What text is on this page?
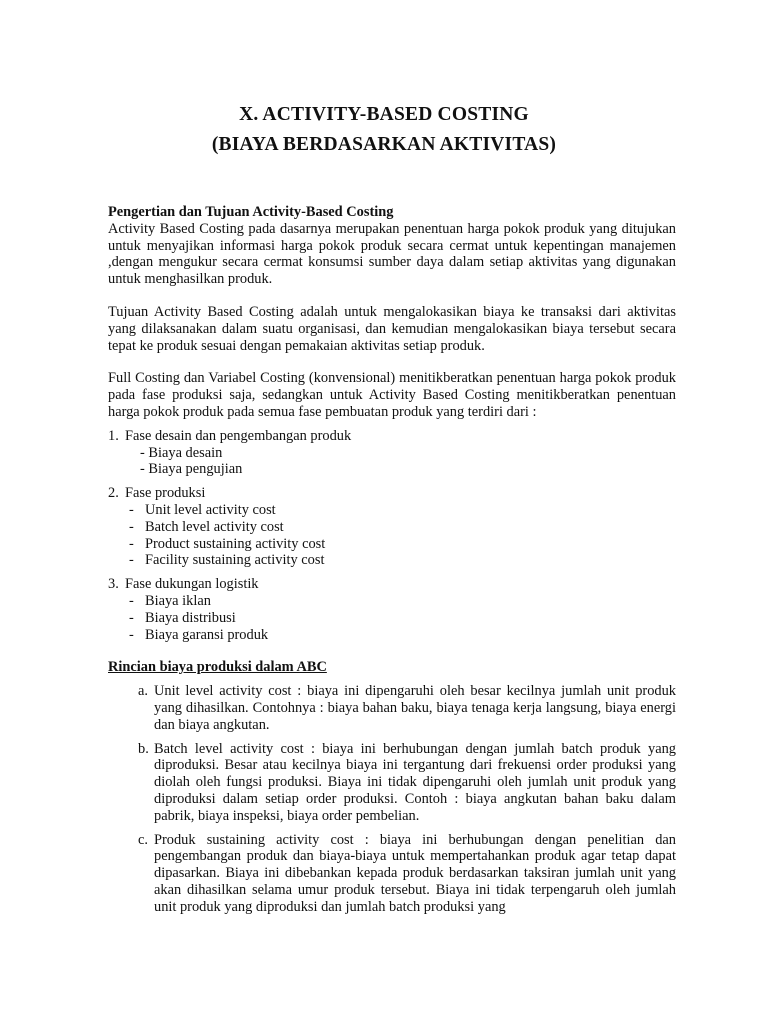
X. ACTIVITY-BASED COSTING
(BIAYA BERDASARKAN AKTIVITAS)

Pengertian dan Tujuan Activity-Based Costing

Activity Based Costing pada dasarnya merupakan penentuan harga pokok produk yang ditujukan untuk menyajikan informasi harga pokok produk secara cermat untuk kepentingan manajemen ,dengan mengukur secara cermat konsumsi sumber daya dalam setiap aktivitas yang digunakan untuk menghasilkan produk.

Tujuan Activity Based Costing adalah untuk mengalokasikan biaya ke transaksi dari aktivitas yang dilaksanakan dalam suatu organisasi, dan kemudian mengalokasikan biaya tersebut secara tepat ke produk sesuai dengan pemakaian aktivitas setiap produk.

Full Costing dan Variabel Costing (konvensional) menitikberatkan penentuan harga pokok produk pada fase produksi saja, sedangkan untuk Activity Based Costing menitikberatkan penentuan harga pokok produk pada semua fase pembuatan produk yang terdiri dari :

1. Fase desain dan pengembangan produk
- Biaya desain
- Biaya pengujian
2. Fase produksi
- Unit level activity cost
- Batch level activity cost
- Product sustaining activity cost
- Facility sustaining activity cost
3. Fase dukungan logistik
- Biaya iklan
- Biaya distribusi
- Biaya garansi produk

Rincian biaya produksi dalam ABC

a. Unit level activity cost : biaya ini dipengaruhi oleh besar kecilnya jumlah unit produk yang dihasilkan. Contohnya : biaya bahan baku, biaya tenaga kerja langsung, biaya energi dan biaya angkutan.
b. Batch level activity cost : biaya ini berhubungan dengan jumlah batch produk yang diproduksi. Besar atau kecilnya biaya ini tergantung dari frekuensi order produksi yang diolah oleh fungsi produksi. Biaya ini tidak dipengaruhi oleh jumlah unit produk yang diproduksi dalam setiap order produksi. Contoh : biaya angkutan bahan baku dalam pabrik, biaya inspeksi, biaya order pembelian.
c. Produk sustaining activity cost : biaya ini berhubungan dengan penelitian dan pengembangan produk dan biaya-biaya untuk mempertahankan produk agar tetap dapat dipasarkan. Biaya ini dibebankan kepada produk berdasarkan taksiran jumlah unit yang akan dihasilkan selama umur produk tersebut. Biaya ini tidak terpengaruh oleh jumlah unit produk yang diproduksi dan jumlah batch produksi yang
